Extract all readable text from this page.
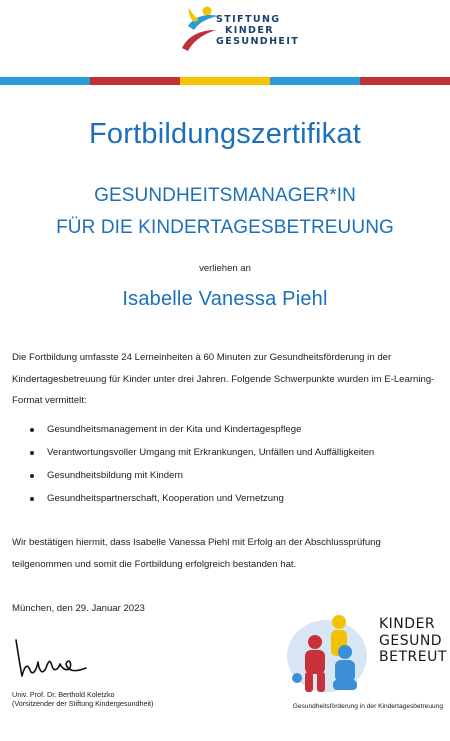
STIFTUNG
KINDER
GESUNDHEIT
Fortbildungszertifikat
GESUNDHEITSMANAGER*IN
FÜR DIE KINDERTAGESBETREUUNG
verliehen an
Isabelle Vanessa Piehl
Die Fortbildung umfasste 24 Lerneinheiten à 60 Minuten zur Gesundheitsförderung in der Kindertagesbetreuung für Kinder unter drei Jahren. Folgende Schwerpunkte wurden im E-Learning-Format vermittelt:
Gesundheitsmanagement in der Kita und Kindertagespflege
Verantwortungsvoller Umgang mit Erkrankungen, Unfällen und Auffälligkeiten
Gesundheitsbildung mit Kindern
Gesundheitspartnerschaft, Kooperation und Vernetzung
Wir bestätigen hiermit, dass Isabelle Vanessa Piehl mit Erfolg an der Abschlussprüfung teilgenommen und somit die Fortbildung erfolgreich bestanden hat.
München, den 29. Januar 2023
Univ. Prof. Dr. Berthold Koletzko
(Vorsitzender der Stiftung Kindergesundheit)
KINDER
GESUND
BETREUT
Gesundheitsförderung in der Kindertagesbetreuung
